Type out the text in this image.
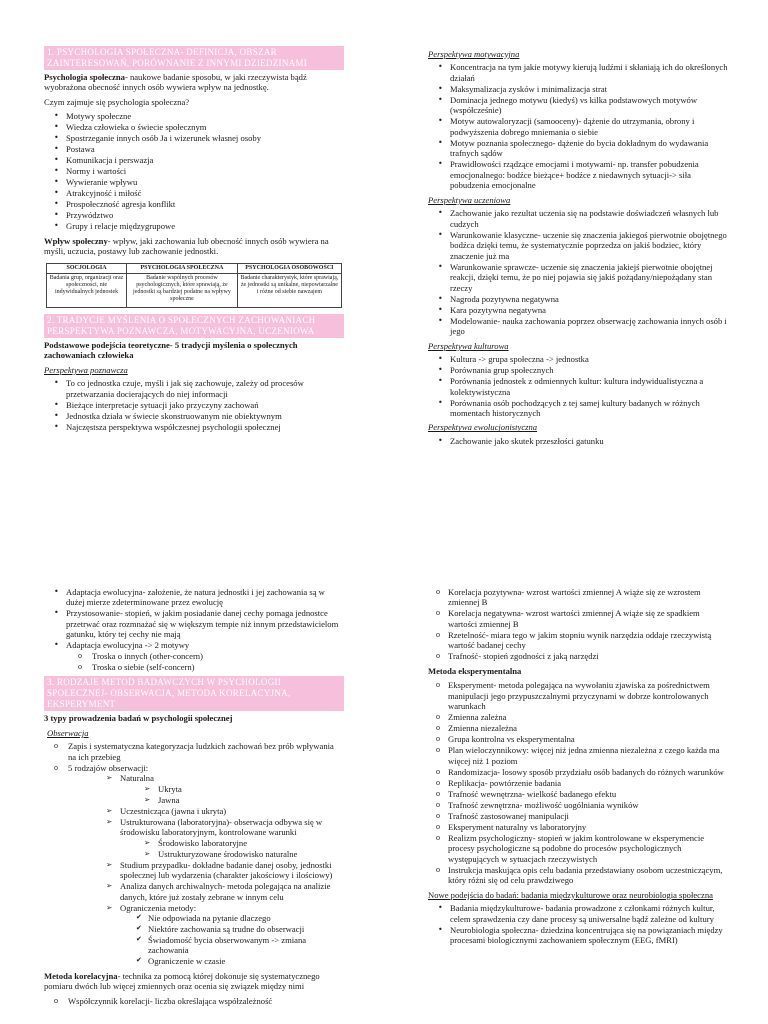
1. PSYCHOLOGIA SPOŁECZNA- DEFINICJA, OBSZAR ZAINTERESOWAŃ, PORÓWNANIE Z INNYMI DZIEDZINAMI

Psychologia społeczna- naukowe badanie sposobu, w jaki rzeczywista bądź wyobrażona obecność innych osób wywiera wpływ na jednostkę.

Czym zajmuje się psychologia społeczna?

• Motywy społeczne
• Wiedza człowieka o świecie społecznym
• Spostrzeganie innych osób Ja i wizerunek własnej osoby
• Postawa
• Komunikacja i perswazja
• Normy i wartości
• Wywieranie wpływu
• Atrakcyjność i miłość
• Prospołeczność agresja konflikt
• Przywództwo
• Grupy i relacje międzygrupowe

Wpływ społeczny- wpływ, jaki zachowania lub obecność innych osób wywiera na myśli, uczucia, postawy lub zachowanie jednostki.

SOCJOLOGIA	PSYCHOLOGIA SPOŁECZNA	PSYCHOLOGIA OSOBOWOŚCI
Badania grup, organizacji oraz społeczności, nie indywidualnych jednostek	Badanie wspólnych procesów psychologicznych, które sprawiają, że jednostki są bardziej podatne na wpływy społeczne	Badanie charakterystyk, które sprawiają, że jednostki są unikalne, niepowtarzalne i różne od siebie nawzajem
2. TRADYCJE MYŚLENIA O SPOŁECZNYCH ZACHOWANIACH PERSPEKTYWA POZNAWCZA, MOTYWACYJNA, UCZENIOWA

Podstawowe podejścia teoretyczne- 5 tradycji myślenia o społecznych zachowaniach człowieka

Perspektywa poznawcza
• To co jednostka czuje, myśli i jak się zachowuje, zależy od procesów przetwarzania docierających do niej informacji
• Bieżące interpretacje sytuacji jako przyczyny zachowań
• Jednostka działa w świecie skonstruowanym nie obiektywnym
• Najczęstsza perspektywa współczesnej psychologii społecznej
Perspektywa motywacyjna
• Koncentracja na tym jakie motywy kierują ludźmi i skłaniają ich do określonych działań
• Maksymalizacja zysków i minimalizacja strat
• Dominacja jednego motywu (kiedyś) vs kilka podstawowych motywów (współcześnie)
• Motyw autowaloryzacji (samooceny)- dążenie do utrzymania, obrony i podwyższenia dobrego mniemania o siebie
• Motyw poznania społecznego- dążenie do bycia dokładnym do wydawania trafnych sądów
• Prawidłowości rządzące emocjami i motywami- np. transfer pobudzenia emocjonalnego: bodźce bieżące+ bodźce z niedawnych sytuacji-> siła pobudzenia emocjonalne
Perspektywa uczeniowa
• Zachowanie jako rezultat uczenia się na podstawie doświadczeń własnych lub cudzych
• Warunkowanie klasyczne- uczenie się znaczenia jakiegoś pierwotnie obojętnego bodźca dzięki temu, że systematycznie poprzedza on jakiś bodziec, który znaczenie już ma
• Warunkowanie sprawcze- uczenie się znaczenia jakiejś pierwotnie obojętnej reakcji, dzięki temu, że po niej pojawia się jakiś pożądany/niepożądany stan rzeczy
• Nagroda pozytywna negatywna
• Kara pozytywna negatywna
• Modelowanie- nauka zachowania poprzez obserwację zachowania innych osób i jego
Perspektywa kulturowa
• Kultura -> grupa społeczna -> jednostka
• Porównania grup społecznych
• Porównania jednostek z odmiennych kultur: kultura indywidualistyczna a kolektywistyczna
• Porównania osób pochodzących z tej samej kultury badanych w różnych momentach historycznych
Perspektywa ewolucjonistyczna
• Zachowanie jako skutek przeszłości gatunku
• Adaptacja ewolucyjna- założenie, że natura jednostki i jej zachowania są w dużej mierze zdeterminowane przez ewolucję
• Przystosowanie- stopień, w jakim posiadanie danej cechy pomaga jednostce przetrwać oraz rozmnażać się w większym tempie niż innym przedstawicielom gatunku, który tej cechy nie mają
• Adaptacja ewolucyjna -> 2 motywy
o Troska o innych (other-concern)
o Troska o siebie (self-concern)
3. RODZAJE METOD BADAWCZYCH W PSYCHOLOGII SPOŁECZNEJ- OBSERWACJA, METODA KORELACYJNA, EKSPERYMENT

3 typy prowadzenia badań w psychologii społecznej

Obserwacja
o Zapis i systematyczna kategoryzacja ludzkich zachowań bez prób wpływania na ich przebieg
o 5 rodzajów obserwacji:
➢ Naturalna
➢ Ukryta
➢ Jawna
➢ Uczestnicząca (jawna i ukryta)
➢ Ustrukturowana (laboratoryjna)- obserwacja odbywa się w środowisku laboratoryjnym, kontrolowane warunki
➢ Środowisko laboratoryjne
➢ Ustrukturyzowane środowisko naturalne
➢ Studium przypadku- dokładne badanie danej osoby, jednostki społecznej lub wydarzenia (charakter jakościowy i ilościowy)
➢ Analiza danych archiwalnych- metoda polegająca na analizie danych, które już zostały zebrane w innym celu
➢ Ograniczenia metody:
✔ Nie odpowiada na pytanie dlaczego
✔ Niektóre zachowania są trudne do obserwacji
✔ Świadomość bycia obserwowanym -> zmiana zachowania
✔ Ograniczenie w czasie

Metoda korelacyjna- technika za pomocą której dokonuje się systematycznego pomiaru dwóch lub więcej zmiennych oraz ocenia się związek między nimi

o Współczynnik korelacji- liczba określająca współzależność
o Korelacja pozytywna- wzrost wartości zmiennej A wiąże się ze wzrostem zmiennej B
o Korelacja negatywna- wzrost wartości zmiennej A wiąże się ze spadkiem wartości zmiennej B
o Rzetelność- miara tego w jakim stopniu wynik narzędzia oddaje rzeczywistą wartość badanej cechy
o Trafność- stopień zgodności z jaką narzędzi

Metoda eksperymentalna

o Eksperyment- metoda polegająca na wywołaniu zjawiska za pośrednictwem manipulacji jego przypuszczalnymi przyczynami w dobrze kontrolowanych warunkach
o Zmienna zależna
o Zmienna niezależna
o Grupa kontrolna vs eksperymentalna
o Plan wieloczynnikowy: więcej niż jedna zmienna niezależna z czego każda ma więcej niż 1 poziom
o Randomizacja- losowy sposób przydziału osób badanych do różnych warunków
o Replikacja- powtórzenie badania
o Trafność wewnętrzna- wielkość badanego efektu
o Trafność zewnętrzna- możliwość uogólniania wyników
o Trafność zastosowanej manipulacji
o Eksperyment naturalny vs laboratoryjny
o Realizm psychologiczny- stopień w jakim kontrolowane w eksperymencie procesy psychologiczne są podobne do procesów psychologicznych występujących w sytuacjach rzeczywistych
o Instrukcja maskująca opis celu badania przedstawiany osobom uczestniczącym, który różni się od celu prawdziwego
Nowe podejścia do badań: badania międzykulturowe oraz neurobiologia społeczna
• Badania międzykulturowe- badania prowadzone z członkami różnych kultur, celem sprawdzenia czy dane procesy są uniwersalne bądź zależne od kultury
• Neurobiologia społeczna- dziedzina koncentrująca się na powiązaniach między procesami biologicznymi zachowaniem społecznym (EEG, fMRI)
